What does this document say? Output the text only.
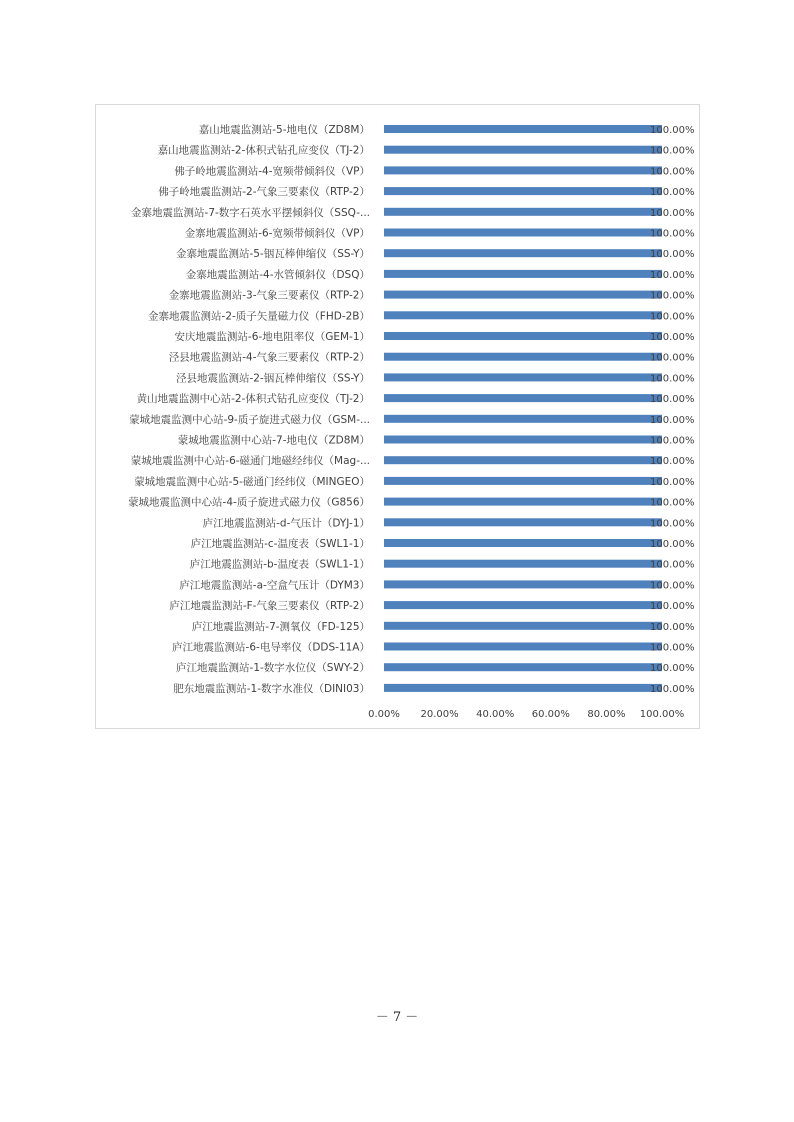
嘉山地震监测站-5-地电仪（ZD8M）	100.00%
嘉山地震监测站-2-体积式钻孔应变仪（TJ-2）	100.00%
佛子岭地震监测站-4-宽频带倾斜仪（VP）	100.00%
佛子岭地震监测站-2-气象三要素仪（RTP-2）	100.00%
金寨地震监测站-7-数字石英水平摆倾斜仪（SSQ-...	100.00%
金寨地震监测站-6-宽频带倾斜仪（VP）	100.00%
金寨地震监测站-5-铟瓦棒伸缩仪（SS-Y）	100.00%
金寨地震监测站-4-水管倾斜仪（DSQ）	100.00%
金寨地震监测站-3-气象三要素仪（RTP-2）	100.00%
金寨地震监测站-2-质子矢量磁力仪（FHD-2B）	100.00%
安庆地震监测站-6-地电阻率仪（GEM-1）	100.00%
泾县地震监测站-4-气象三要素仪（RTP-2）	100.00%
泾县地震监测站-2-铟瓦棒伸缩仪（SS-Y）	100.00%
黄山地震监测中心站-2-体积式钻孔应变仪（TJ-2）	100.00%
蒙城地震监测中心站-9-质子旋进式磁力仪（GSM-...	100.00%
蒙城地震监测中心站-7-地电仪（ZD8M）	100.00%
蒙城地震监测中心站-6-磁通门地磁经纬仪（Mag-...	100.00%
蒙城地震监测中心站-5-磁通门经纬仪（MINGEO）	100.00%
蒙城地震监测中心站-4-质子旋进式磁力仪（G856）	100.00%
庐江地震监测站-d-气压计（DYJ-1）	100.00%
庐江地震监测站-c-温度表（SWL1-1）	100.00%
庐江地震监测站-b-温度表（SWL1-1）	100.00%
庐江地震监测站-a-空盒气压计（DYM3）	100.00%
庐江地震监测站-F-气象三要素仪（RTP-2）	100.00%
庐江地震监测站-7-测氧仪（FD-125）	100.00%
庐江地震监测站-6-电导率仪（DDS-11A）	100.00%
庐江地震监测站-1-数字水位仪（SWY-2）	100.00%
肥东地震监测站-1-数字水准仪（DINI03）	100.00%
0.00% 20.00% 40.00% 60.00% 80.00% 100.00%
－ 7 －
